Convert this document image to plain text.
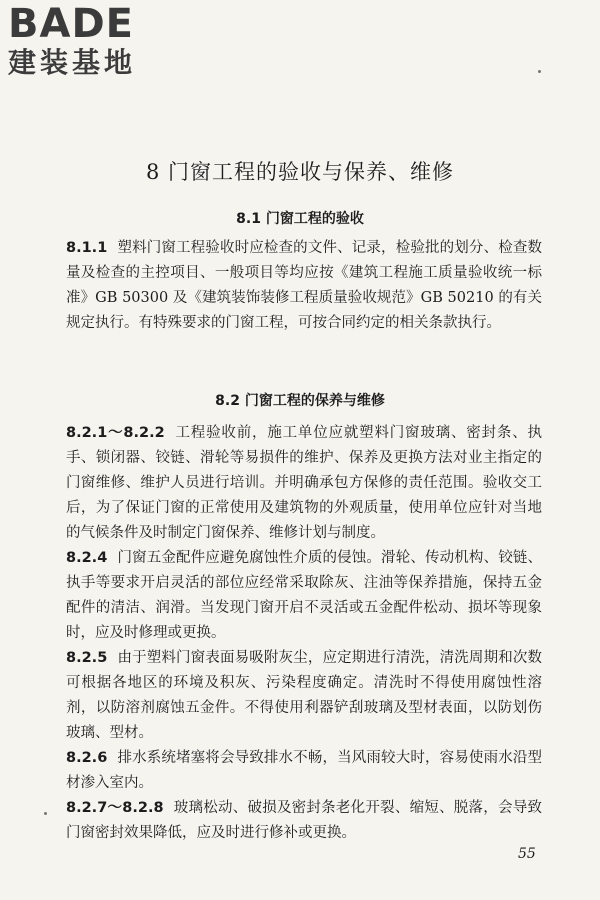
BADE
建装基地
8 门窗工程的验收与保养、维修
8.1 门窗工程的验收

8.1.1 塑料门窗工程验收时应检查的文件、记录，检验批的划分、检查数量及检查的主控项目、一般项目等均应按《建筑工程施工质量验收统一标准》GB 50300 及《建筑装饰装修工程质量验收规范》GB 50210 的有关规定执行。有特殊要求的门窗工程，可按合同约定的相关条款执行。

8.2 门窗工程的保养与维修

8.2.1～8.2.2 工程验收前，施工单位应就塑料门窗玻璃、密封条、执手、锁闭器、铰链、滑轮等易损件的维护、保养及更换方法对业主指定的门窗维修、维护人员进行培训。并明确承包方保修的责任范围。验收交工后，为了保证门窗的正常使用及建筑物的外观质量，使用单位应针对当地的气候条件及时制定门窗保养、维修计划与制度。

8.2.4 门窗五金配件应避免腐蚀性介质的侵蚀。滑轮、传动机构、铰链、执手等要求开启灵活的部位应经常采取除灰、注油等保养措施，保持五金配件的清洁、润滑。当发现门窗开启不灵活或五金配件松动、损坏等现象时，应及时修理或更换。

8.2.5 由于塑料门窗表面易吸附灰尘，应定期进行清洗，清洗周期和次数可根据各地区的环境及积灰、污染程度确定。清洗时不得使用腐蚀性溶剂，以防溶剂腐蚀五金件。不得使用利器铲刮玻璃及型材表面，以防划伤玻璃、型材。

8.2.6 排水系统堵塞将会导致排水不畅，当风雨较大时，容易使雨水沿型材渗入室内。

8.2.7～8.2.8 玻璃松动、破损及密封条老化开裂、缩短、脱落，会导致门窗密封效果降低，应及时进行修补或更换。

55
